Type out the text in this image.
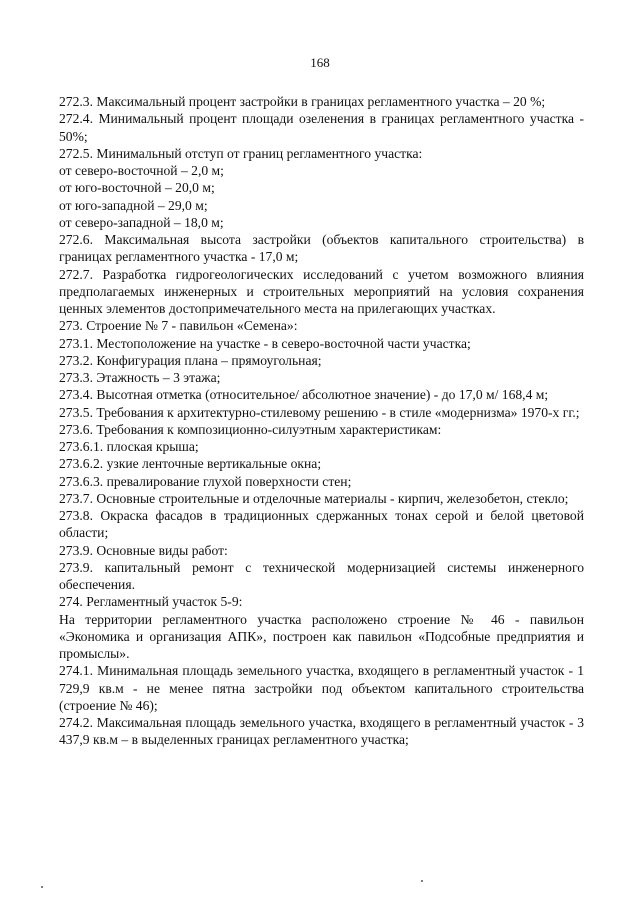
168

272.3. Максимальный процент застройки в границах регламентного участка – 20 %;

272.4. Минимальный процент площади озеленения в границах регламентного участка - 50%;

272.5. Минимальный отступ от границ регламентного участка:

от северо-восточной – 2,0 м;

от юго-восточной – 20,0 м;

от юго-западной – 29,0 м;

от северо-западной – 18,0 м;

272.6. Максимальная высота застройки (объектов капитального строительства) в границах регламентного участка - 17,0 м;

272.7. Разработка гидрогеологических исследований с учетом возможного влияния предполагаемых инженерных и строительных мероприятий на условия сохранения ценных элементов достопримечательного места на прилегающих участках.

273. Строение № 7 - павильон «Семена»:

273.1. Местоположение на участке - в северо-восточной части участка;

273.2. Конфигурация плана – прямоугольная;

273.3. Этажность – 3 этажа;

273.4. Высотная отметка (относительное/ абсолютное значение) - до 17,0 м/ 168,4 м;

273.5. Требования к архитектурно-стилевому решению - в стиле «модернизма» 1970-х гг.;

273.6. Требования к композиционно-силуэтным характеристикам:

273.6.1. плоская крыша;

273.6.2. узкие ленточные вертикальные окна;

273.6.3. превалирование глухой поверхности стен;

273.7. Основные строительные и отделочные материалы - кирпич, железобетон, стекло;

273.8. Окраска фасадов в традиционных сдержанных тонах серой и белой цветовой области;

273.9. Основные виды работ:

273.9. капитальный ремонт с технической модернизацией системы инженерного обеспечения.

274. Регламентный участок 5-9:

На территории регламентного участка расположено строение № 46 - павильон «Экономика и организация АПК», построен как павильон «Подсобные предприятия и промыслы».

274.1. Минимальная площадь земельного участка, входящего в регламентный участок - 1 729,9 кв.м - не менее пятна застройки под объектом капитального строительства (строение № 46);

274.2. Максимальная площадь земельного участка, входящего в регламентный участок - 3 437,9 кв.м – в выделенных границах регламентного участка;
